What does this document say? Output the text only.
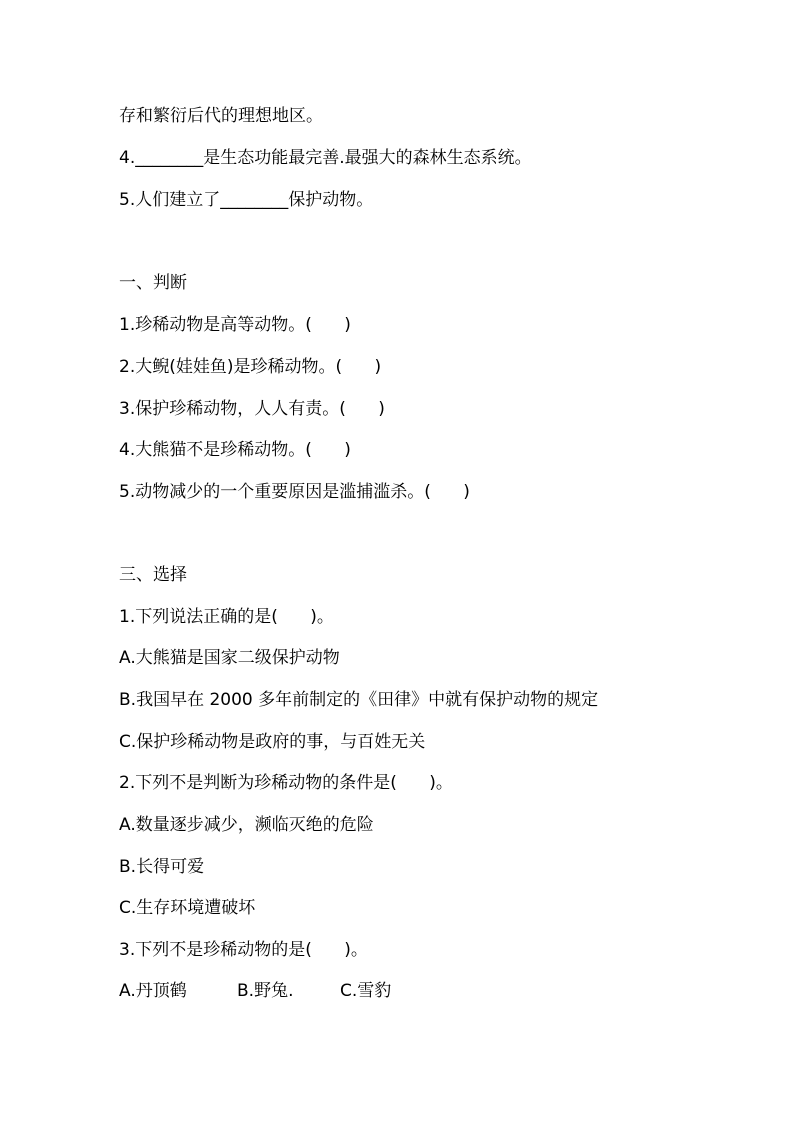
存和繁衍后代的理想地区。

4.________是生态功能最完善.最强大的森林生态系统。

5.人们建立了________保护动物。

一、判断

1.珍稀动物是高等动物。(      )

2.大鲵(娃娃鱼)是珍稀动物。(      )

3.保护珍稀动物，人人有责。(      )

4.大熊猫不是珍稀动物。(      )

5.动物减少的一个重要原因是滥捕滥杀。(      )

三、选择

1.下列说法正确的是(      )。

A.大熊猫是国家二级保护动物

B.我国早在 2000 多年前制定的《田律》中就有保护动物的规定

C.保护珍稀动物是政府的事，与百姓无关

2.下列不是判断为珍稀动物的条件是(      )。

A.数量逐步减少，濒临灭绝的危险

B.长得可爱

C.生存环境遭破坏

3.下列不是珍稀动物的是(      )。

A.丹顶鹤	B.野兔.	C.雪豹
